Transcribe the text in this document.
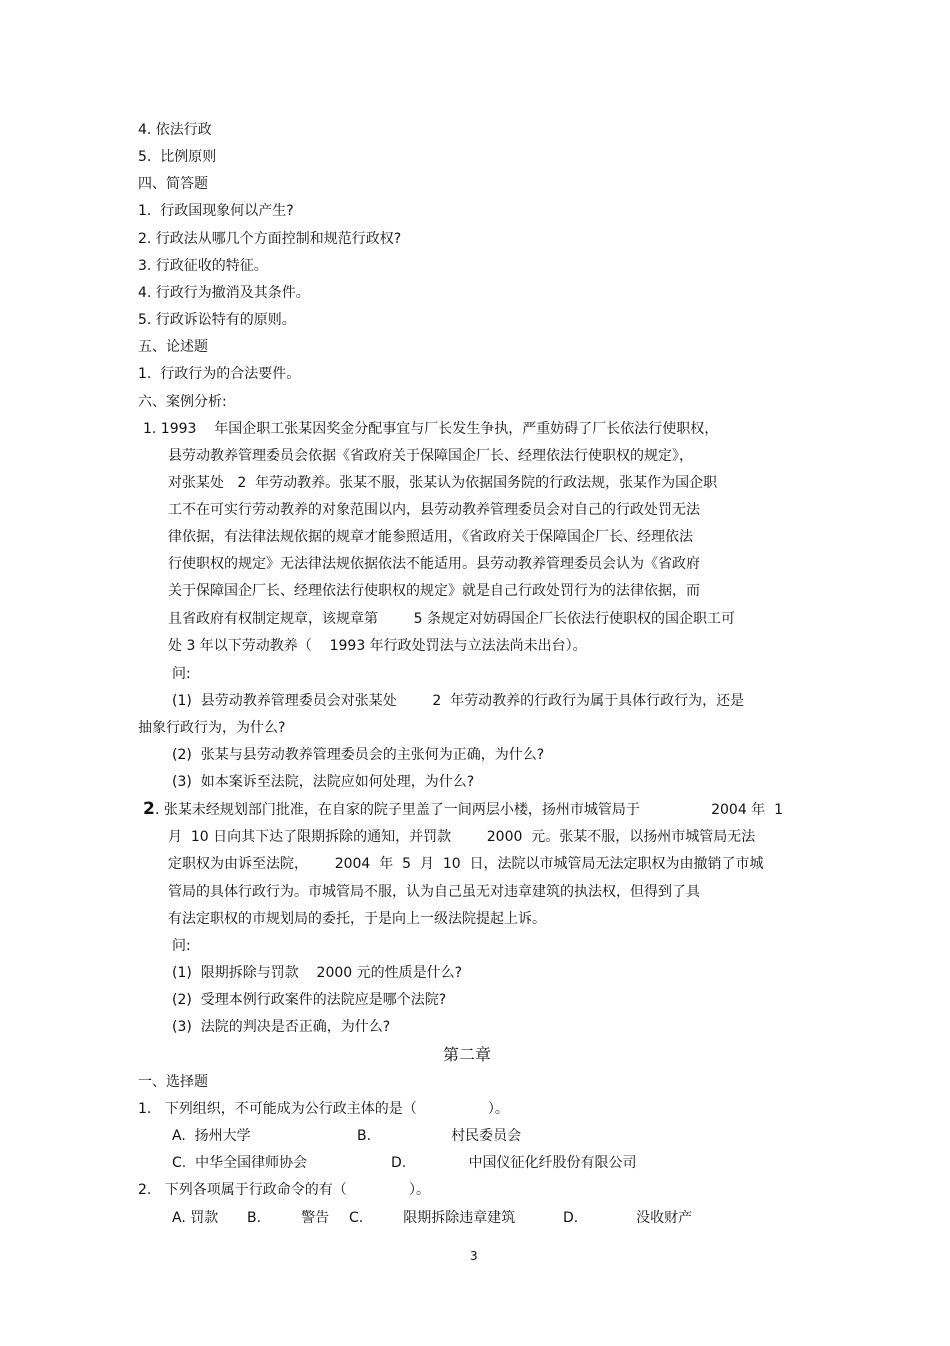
4. 依法行政
5.  比例原则
四、简答题
1.  行政国现象何以产生?
2. 行政法从哪几个方面控制和规范行政权?
3. 行政征收的特征。
4. 行政行为撤消及其条件。
5. 行政诉讼特有的原则。
五、论述题
1.  行政行为的合法要件。
六、案例分析:
1. 1993    年国企职工张某因奖金分配事宜与厂长发生争执，严重妨碍了厂长依法行使职权，
县劳动教养管理委员会依据《省政府关于保障国企厂长、经理依法行使职权的规定》，
对张某处   2  年劳动教养。张某不服，张某认为依据国务院的行政法规，张某作为国企职
工不在可实行劳动教养的对象范围以内，县劳动教养管理委员会对自己的行政处罚无法
律依据，有法律法规依据的规章才能参照适用，《省政府关于保障国企厂长、经理依法
行使职权的规定》无法律法规依据依法不能适用。县劳动教养管理委员会认为《省政府
关于保障国企厂长、经理依法行使职权的规定》就是自己行政处罚行为的法律依据，而
且省政府有权制定规章，该规章第        5 条规定对妨碍国企厂长依法行使职权的国企职工可
处 3 年以下劳动教养（    1993 年行政处罚法与立法法尚未出台）。
问:
(1)  县劳动教养管理委员会对张某处        2  年劳动教养的行政行为属于具体行政行为，还是
抽象行政行为，为什么?
(2)  张某与县劳动教养管理委员会的主张何为正确，为什么?
(3)  如本案诉至法院，法院应如何处理，为什么?
2 . 张某未经规划部门批准，在自家的院子里盖了一间两层小楼，扬州市城管局于                2004 年  1
月  10 日向其下达了限期拆除的通知，并罚款        2000  元。张某不服，以扬州市城管局无法
定职权为由诉至法院，      2004  年  5  月  10  日，法院以市城管局无法定职权为由撤销了市城
管局的具体行政行为。市城管局不服，认为自己虽无对违章建筑的执法权，但得到了具
有法定职权的市规划局的委托，于是向上一级法院提起上诉。
问:
(1)  限期拆除与罚款    2000 元的性质是什么?
(2)  受理本例行政案件的法院应是哪个法院?
(3)  法院的判决是否正确，为什么?
第二章
一、选择题
1.   下列组织，不可能成为公行政主体的是（                ）。
A.  扬州大学	B.                  村民委员会
C.  中华全国律师协会	D.              中国仪征化纤股份有限公司
2.   下列各项属于行政命令的有（              ）。
A. 罚款 B.         警告 C.         限期拆除违章建筑	D.             没收财产
3
